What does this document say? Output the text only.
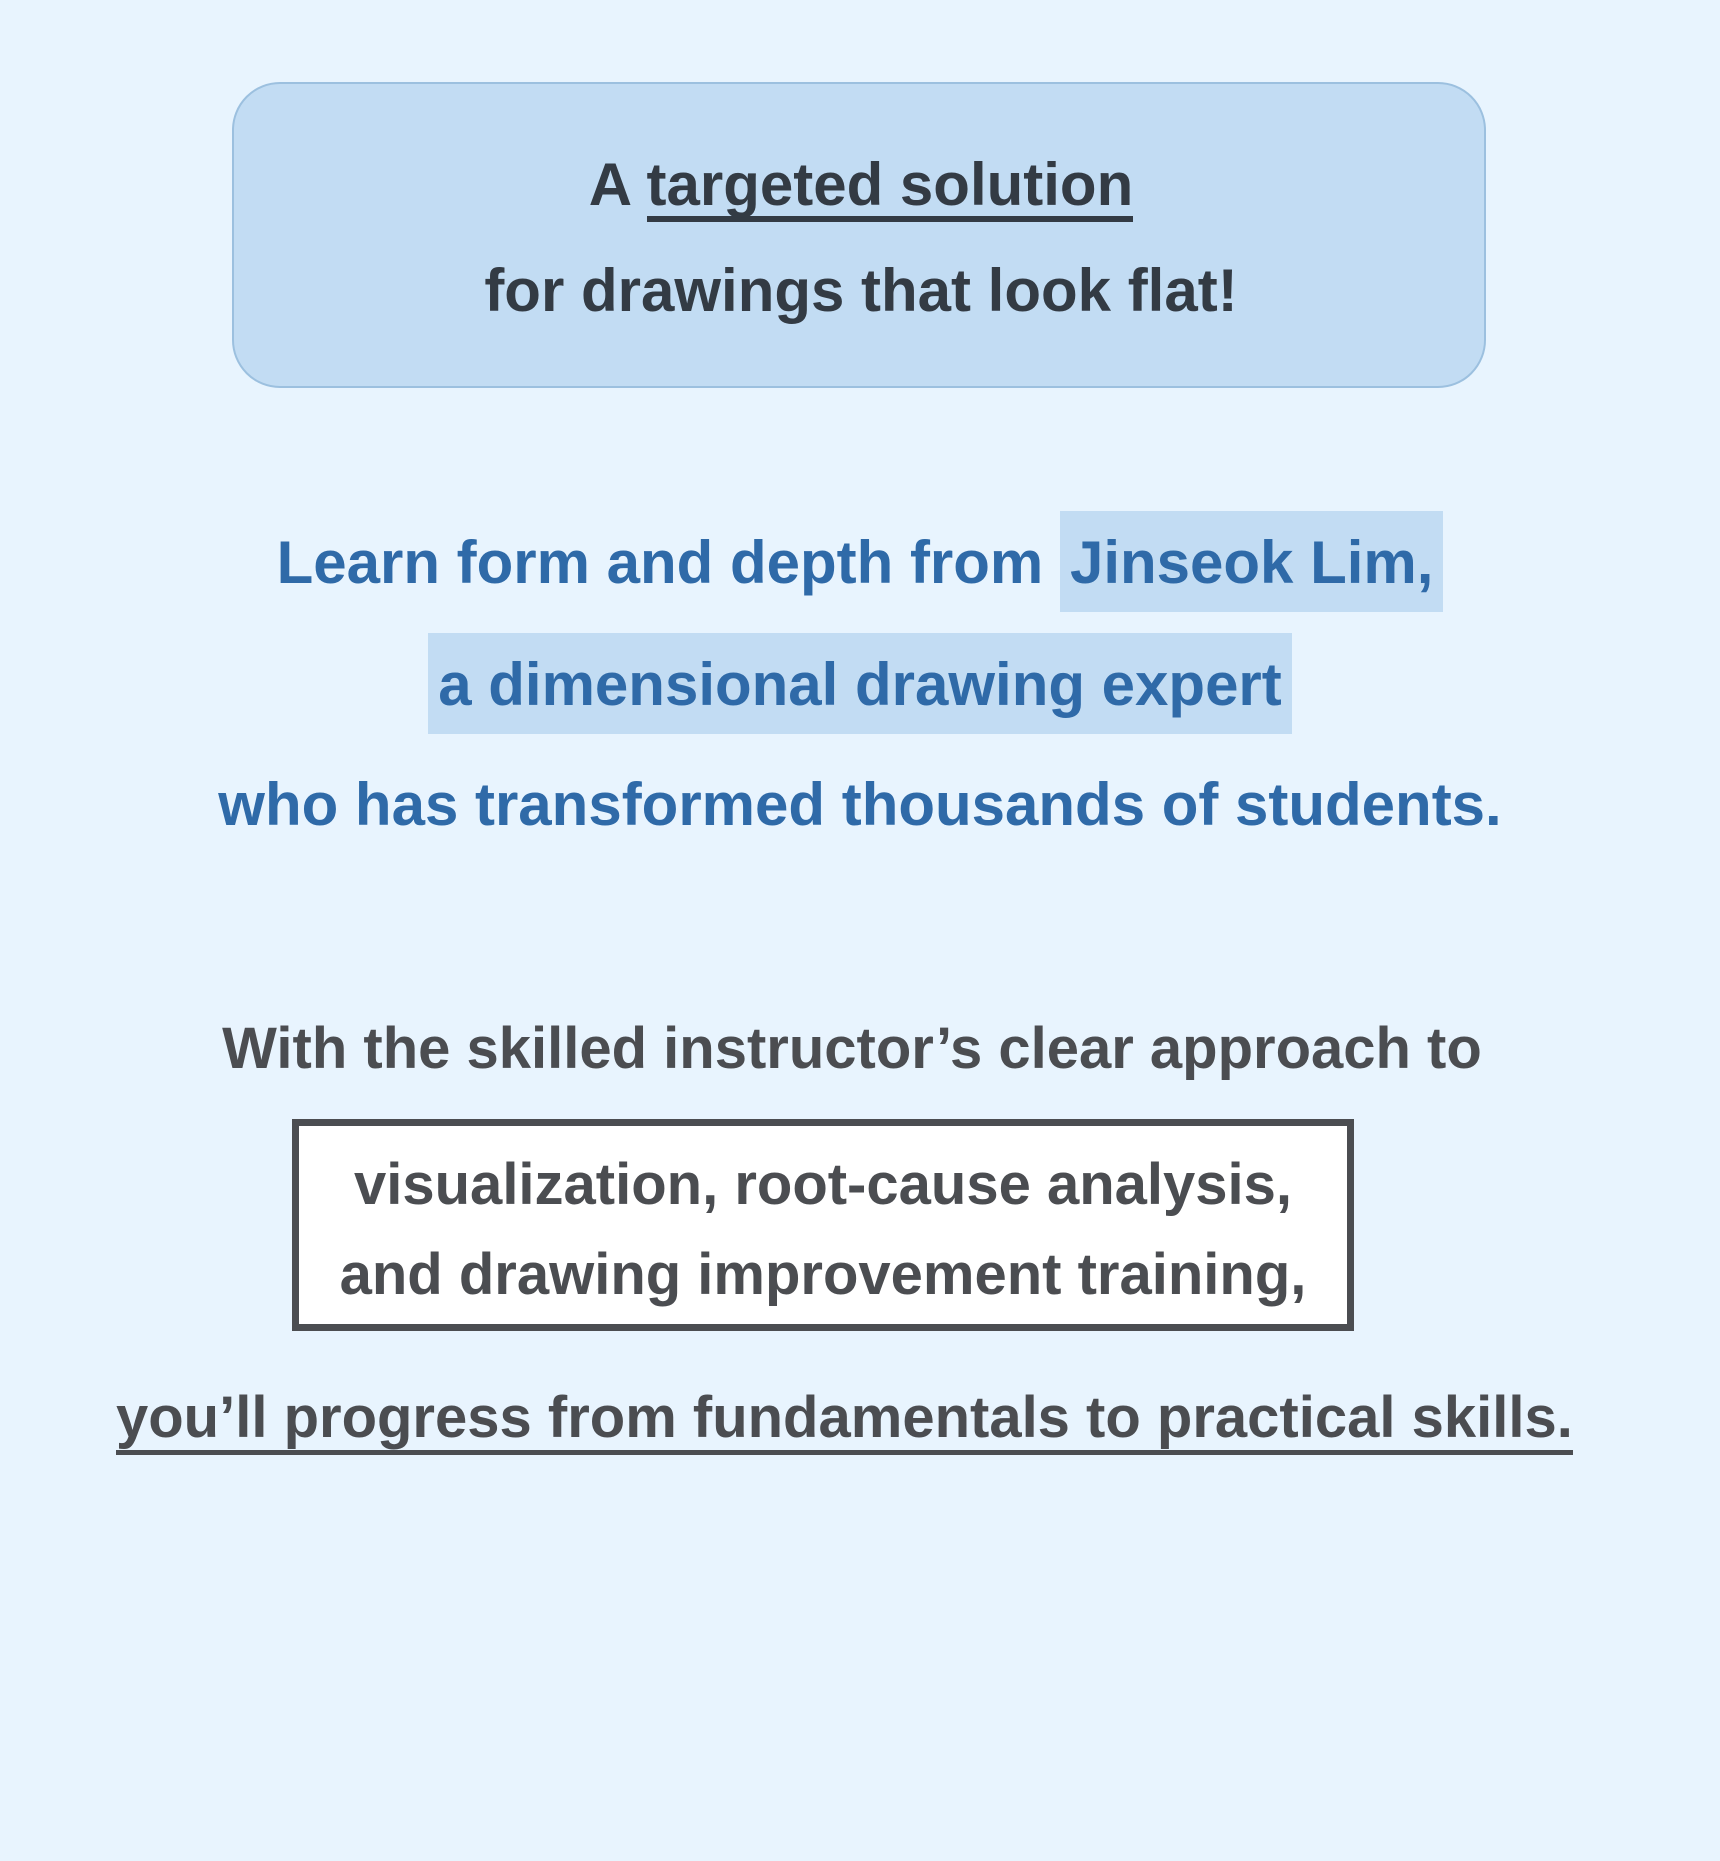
A targeted solution
for drawings that look flat!
Learn form and depth from Jinseok Lim,
a dimensional drawing expert
who has transformed thousands of students.
With the skilled instructor’s clear approach to
visualization, root-cause analysis,
and drawing improvement training,
you’ll progress from fundamentals to practical skills.
